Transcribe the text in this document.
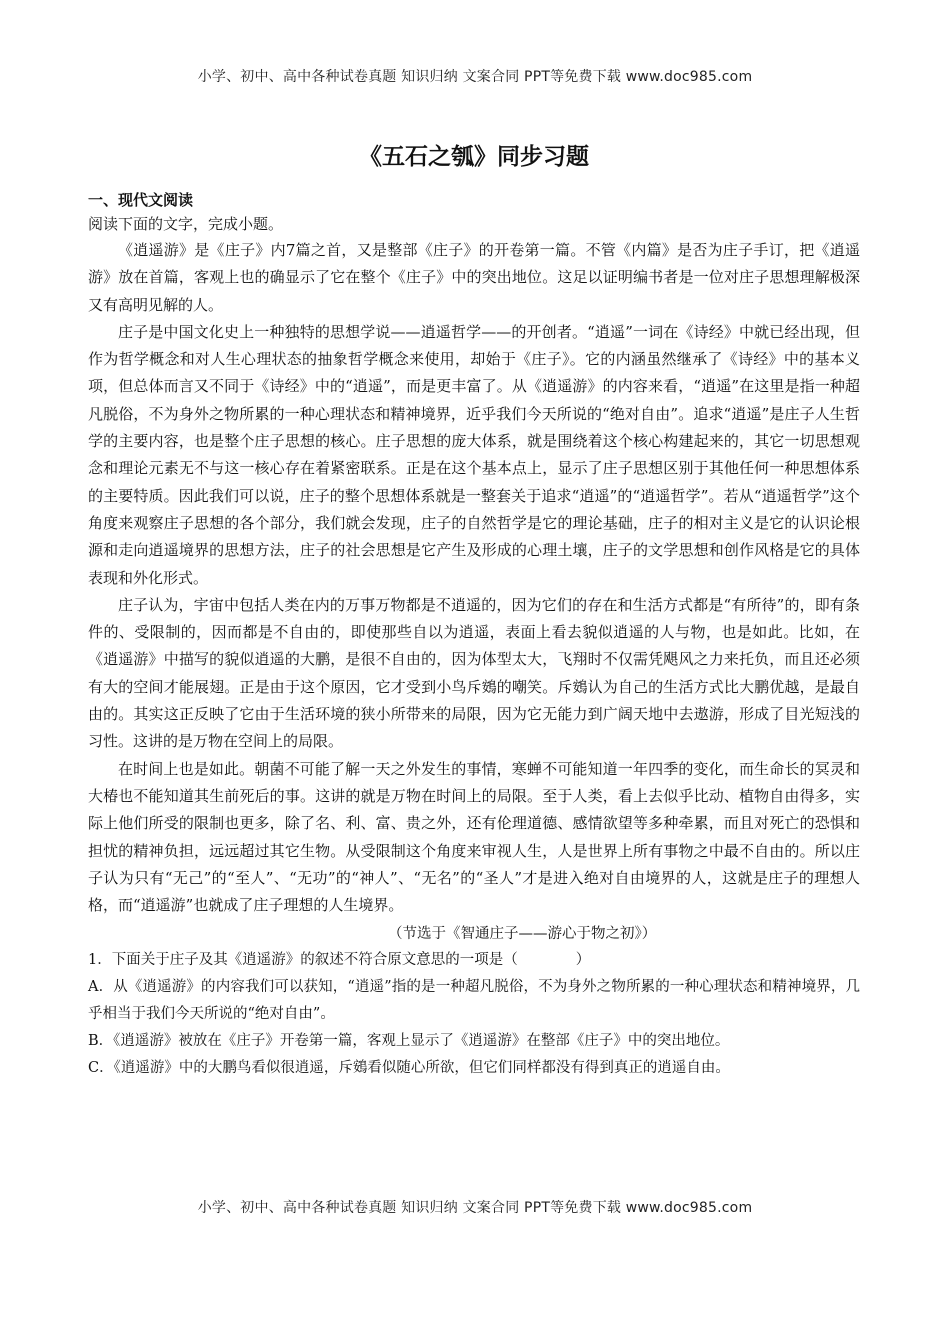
小学、初中、高中各种试卷真题 知识归纳 文案合同 PPT等免费下载 www.doc985.com
《五石之瓠》同步习题

一、现代文阅读

阅读下面的文字，完成小题。

《逍遥游》是《庄子》内7篇之首，又是整部《庄子》的开卷第一篇。不管《内篇》是否为庄子手订，把《逍遥游》放在首篇，客观上也的确显示了它在整个《庄子》中的突出地位。这足以证明编书者是一位对庄子思想理解极深又有高明见解的人。

庄子是中国文化史上一种独特的思想学说——逍遥哲学——的开创者。“逍遥”一词在《诗经》中就已经出现，但作为哲学概念和对人生心理状态的抽象哲学概念来使用，却始于《庄子》。它的内涵虽然继承了《诗经》中的基本义项，但总体而言又不同于《诗经》中的“逍遥”，而是更丰富了。从《逍遥游》的内容来看，“逍遥”在这里是指一种超凡脱俗，不为身外之物所累的一种心理状态和精神境界，近乎我们今天所说的“绝对自由”。追求“逍遥”是庄子人生哲学的主要内容，也是整个庄子思想的核心。庄子思想的庞大体系，就是围绕着这个核心构建起来的，其它一切思想观念和理论元素无不与这一核心存在着紧密联系。正是在这个基本点上，显示了庄子思想区别于其他任何一种思想体系的主要特质。因此我们可以说，庄子的整个思想体系就是一整套关于追求“逍遥”的“逍遥哲学”。若从“逍遥哲学”这个角度来观察庄子思想的各个部分，我们就会发现，庄子的自然哲学是它的理论基础，庄子的相对主义是它的认识论根源和走向逍遥境界的思想方法，庄子的社会思想是它产生及形成的心理土壤，庄子的文学思想和创作风格是它的具体表现和外化形式。

庄子认为，宇宙中包括人类在内的万事万物都是不逍遥的，因为它们的存在和生活方式都是“有所待”的，即有条件的、受限制的，因而都是不自由的，即使那些自以为逍遥，表面上看去貌似逍遥的人与物，也是如此。比如，在《逍遥游》中描写的貌似逍遥的大鹏，是很不自由的，因为体型太大，飞翔时不仅需凭飓风之力来托负，而且还必须有大的空间才能展翅。正是由于这个原因，它才受到小鸟斥鴳的嘲笑。斥鴳认为自己的生活方式比大鹏优越，是最自由的。其实这正反映了它由于生活环境的狭小所带来的局限，因为它无能力到广阔天地中去遨游，形成了目光短浅的习性。这讲的是万物在空间上的局限。

在时间上也是如此。朝菌不可能了解一天之外发生的事情，寒蝉不可能知道一年四季的变化，而生命长的冥灵和大椿也不能知道其生前死后的事。这讲的就是万物在时间上的局限。至于人类，看上去似乎比动、植物自由得多，实际上他们所受的限制也更多，除了名、利、富、贵之外，还有伦理道德、感情欲望等多种牵累，而且对死亡的恐惧和担忧的精神负担，远远超过其它生物。从受限制这个角度来审视人生，人是世界上所有事物之中最不自由的。所以庄子认为只有“无己”的“至人”、“无功”的“神人”、“无名”的“圣人”才是进入绝对自由境界的人，这就是庄子的理想人格，而“逍遥游”也就成了庄子理想的人生境界。

（节选于《智通庄子——游心于物之初》）

1．下面关于庄子及其《逍遥游》的叙述不符合原文意思的一项是（	）

A．从《逍遥游》的内容我们可以获知，“逍遥”指的是一种超凡脱俗，不为身外之物所累的一种心理状态和精神境界，几乎相当于我们今天所说的“绝对自由”。

B．《逍遥游》被放在《庄子》开卷第一篇，客观上显示了《逍遥游》在整部《庄子》中的突出地位。

C．《逍遥游》中的大鹏鸟看似很逍遥，斥鴳看似随心所欲，但它们同样都没有得到真正的逍遥自由。

小学、初中、高中各种试卷真题 知识归纳 文案合同 PPT等免费下载 www.doc985.com
